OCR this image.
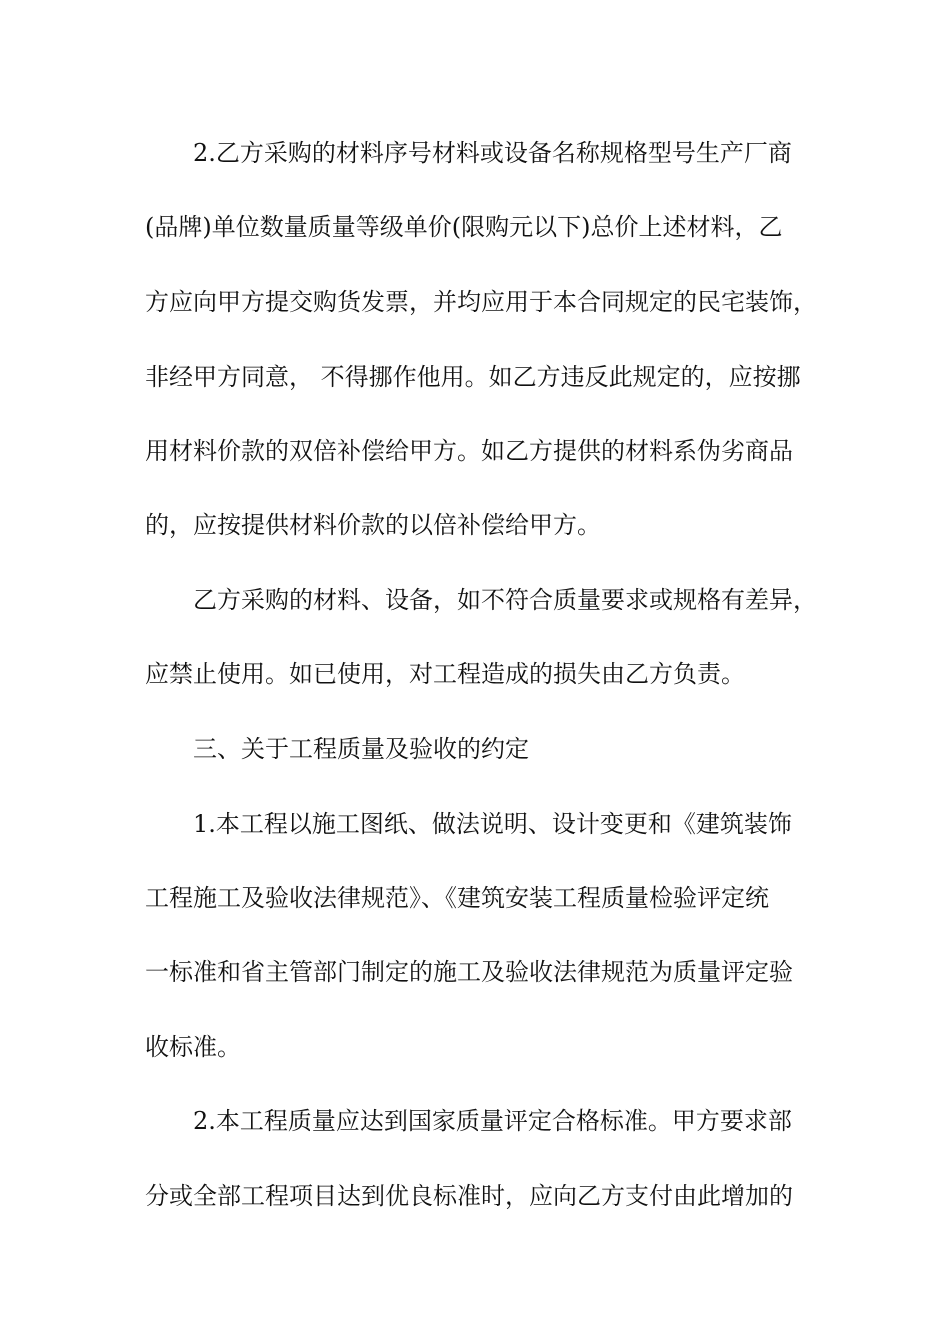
2.乙方采购的材料序号材料或设备名称规格型号生产厂商
(品牌)单位数量质量等级单价(限购元以下)总价上述材料，乙
方应向甲方提交购货发票，并均应用于本合同规定的民宅装饰，
非经甲方同意， 不得挪作他用。如乙方违反此规定的，应按挪
用材料价款的双倍补偿给甲方。如乙方提供的材料系伪劣商品
的，应按提供材料价款的以倍补偿给甲方。
乙方采购的材料、设备，如不符合质量要求或规格有差异，
应禁止使用。如已使用，对工程造成的损失由乙方负责。
三、关于工程质量及验收的约定
1.本工程以施工图纸、做法说明、设计变更和《建筑装饰
工程施工及验收法律规范》、《建筑安装工程质量检验评定统
一标准和省主管部门制定的施工及验收法律规范为质量评定验
收标准。
2.本工程质量应达到国家质量评定合格标准。甲方要求部
分或全部工程项目达到优良标准时，应向乙方支付由此增加的
